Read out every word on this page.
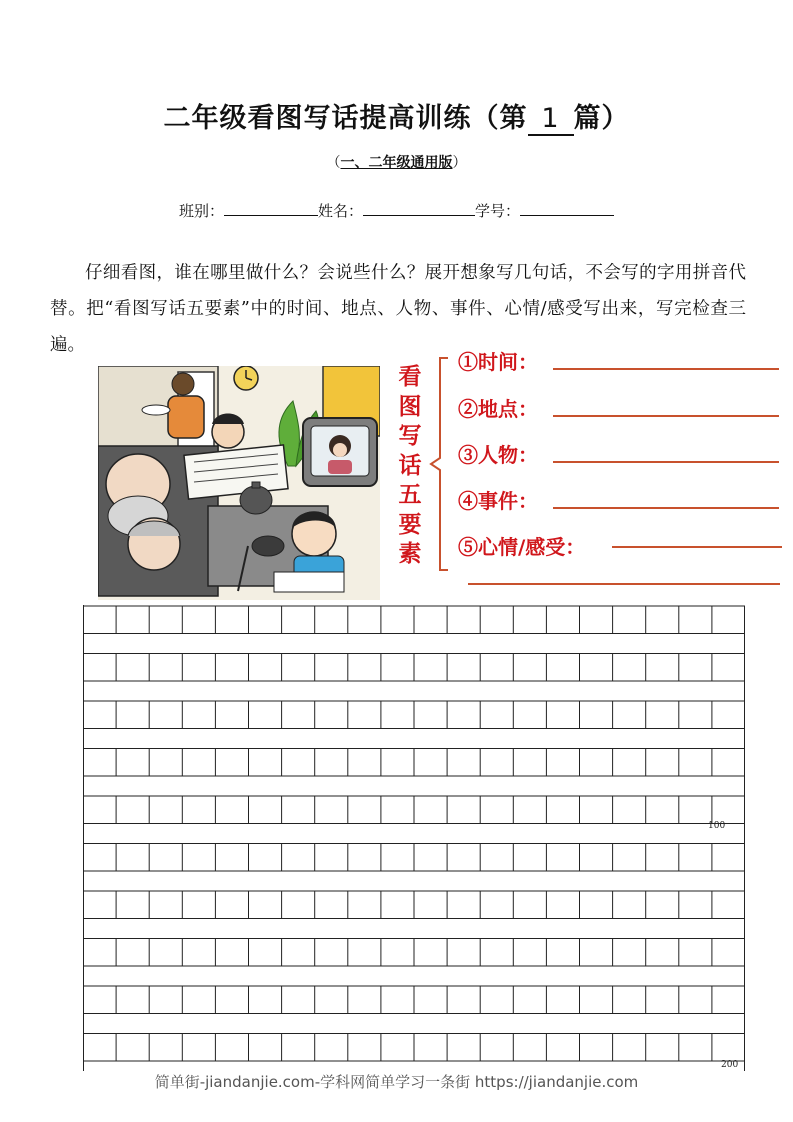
二年级看图写话提高训练（第 1 篇）
（一、二年级通用版）
班别：	姓名：	学号：
仔细看图，谁在哪里做什么？会说些什么？展开想象写几句话，不会写的字用拼音代替。把“看图写话五要素”中的时间、地点、人物、事件、心情/感受写出来，写完检查三遍。
看
图
写
话
五
要
素
①时间：
②地点：
③人物：
④事件：
⑤心情/感受：
100
200
简单街-jiandanjie.com-学科网简单学习一条街 https://jiandanjie.com
